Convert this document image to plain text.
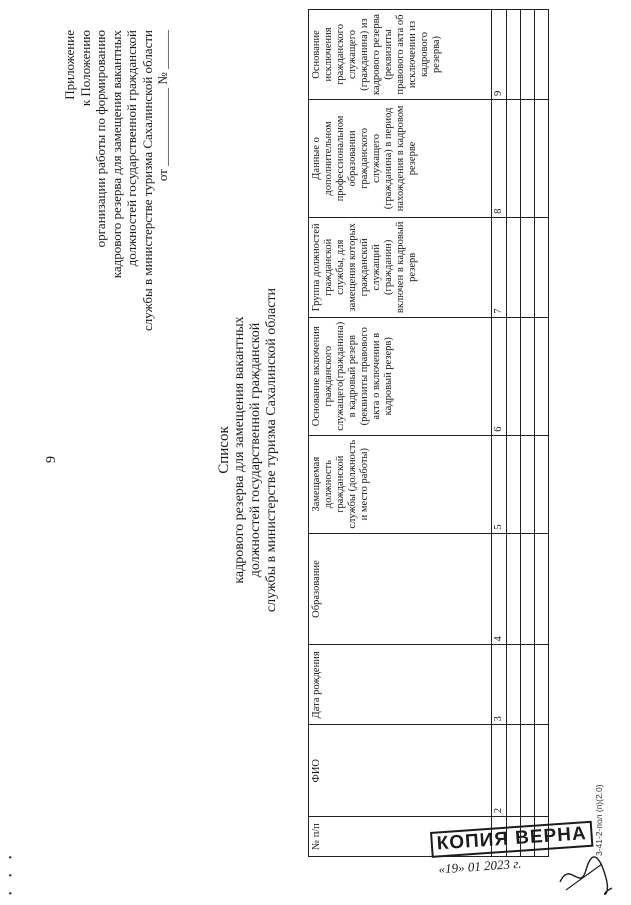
• • •
9
Приложение к Положению организации работы по формированию кадрового резерва для замещения вакантных должностей государственной гражданской службы в министерстве туризма Сахалинской области от ____________ № ______
Список кадрового резерва для замещения вакантных должностей государственной гражданской службы в министерстве туризма Сахалинской области
№ п/п	ФИО	Дата рождения	Образование	Замещаемая должность гражданской службы (должность и место работы)	Основание включения гражданского служащего(гражданина) в кадровый резерв (реквизиты правового акта о включении в кадровый резерв)	Группа должностей гражданской службы, для замещения которых гражданский служащий (гражданин) включен в кадровый резерв	Данные о дополнительном профессиональном образовании гражданского служащего (гражданина) в период нахождения в кадровом резерве	Основание исключения гражданского служащего (гражданина) из кадрового резерва (реквизиты правового акта об исключении из кадрового резерва)
	2	3	4	5	6	7	8	9

КОПИЯ ВЕРНА
«19» 01 2023 г.
3-41-2-пол (п)(2.0)
